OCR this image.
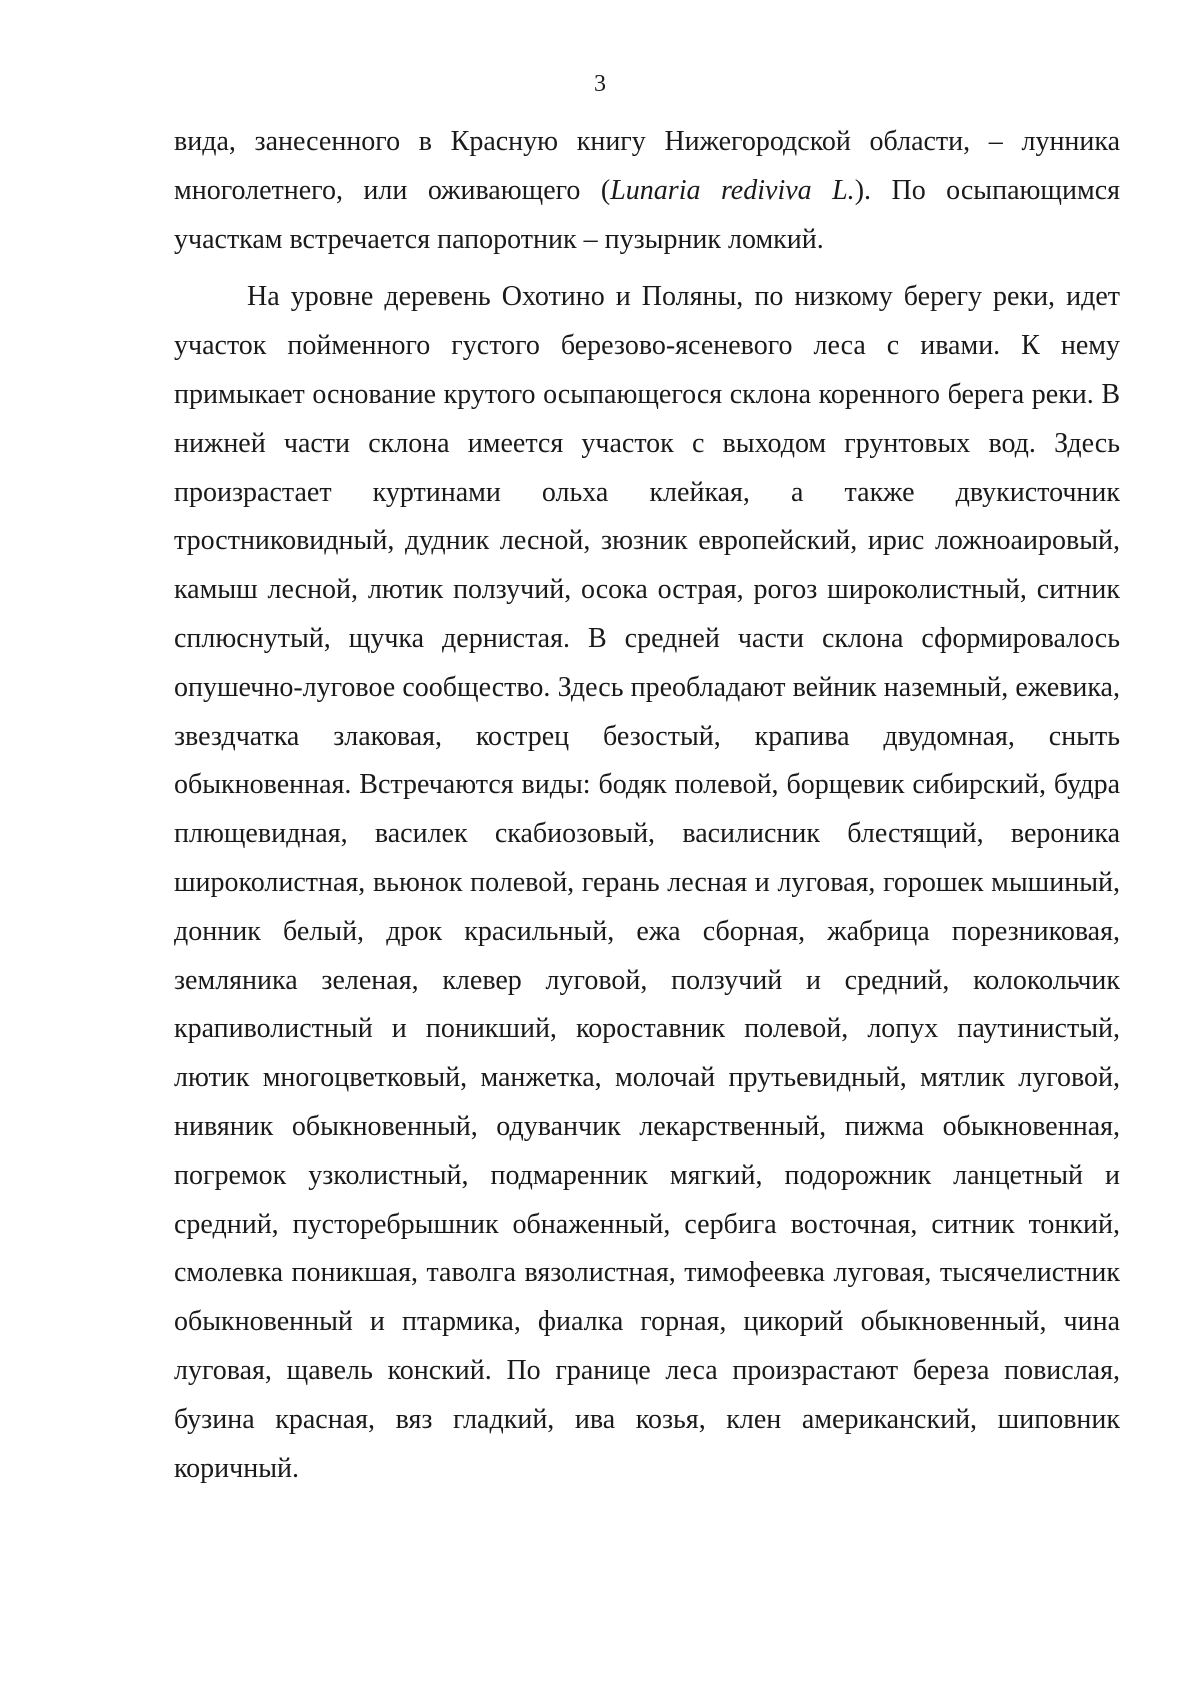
3

вида, занесенного в Красную книгу Нижегородской области, – лунника многолетнего, или оживающего (Lunaria rediviva L.). По осыпающимся участкам встречается папоротник – пузырник ломкий.

На уровне деревень Охотино и Поляны, по низкому берегу реки, идет участок пойменного густого березово-ясеневого леса с ивами. К нему примыкает основание крутого осыпающегося склона коренного берега реки. В нижней части склона имеется участок с выходом грунтовых вод. Здесь произрастает куртинами ольха клейкая, а также двукисточник тростниковидный, дудник лесной, зюзник европейский, ирис ложноаировый, камыш лесной, лютик ползучий, осока острая, рогоз широколистный, ситник сплюснутый, щучка дернистая. В средней части склона сформировалось опушечно-луговое сообщество. Здесь преобладают вейник наземный, ежевика, звездчатка злаковая, кострец безостый, крапива двудомная, сныть обыкновенная. Встречаются виды: бодяк полевой, борщевик сибирский, будра плющевидная, василек скабиозовый, василисник блестящий, вероника широколистная, вьюнок полевой, герань лесная и луговая, горошек мышиный, донник белый, дрок красильный, ежа сборная, жабрица порезниковая, земляника зеленая, клевер луговой, ползучий и средний, колокольчик крапиволистный и поникший, короставник полевой, лопух паутинистый, лютик многоцветковый, манжетка, молочай прутьевидный, мятлик луговой, нивяник обыкновенный, одуванчик лекарственный, пижма обыкновенная, погремок узколистный, подмаренник мягкий, подорожник ланцетный и средний, пусторебрышник обнаженный, сербига восточная, ситник тонкий, смолевка поникшая, таволга вязолистная, тимофеевка луговая, тысячелистник обыкновенный и птармика, фиалка горная, цикорий обыкновенный, чина луговая, щавель конский. По границе леса произрастают береза повислая, бузина красная, вяз гладкий, ива козья, клен американский, шиповник коричный.
